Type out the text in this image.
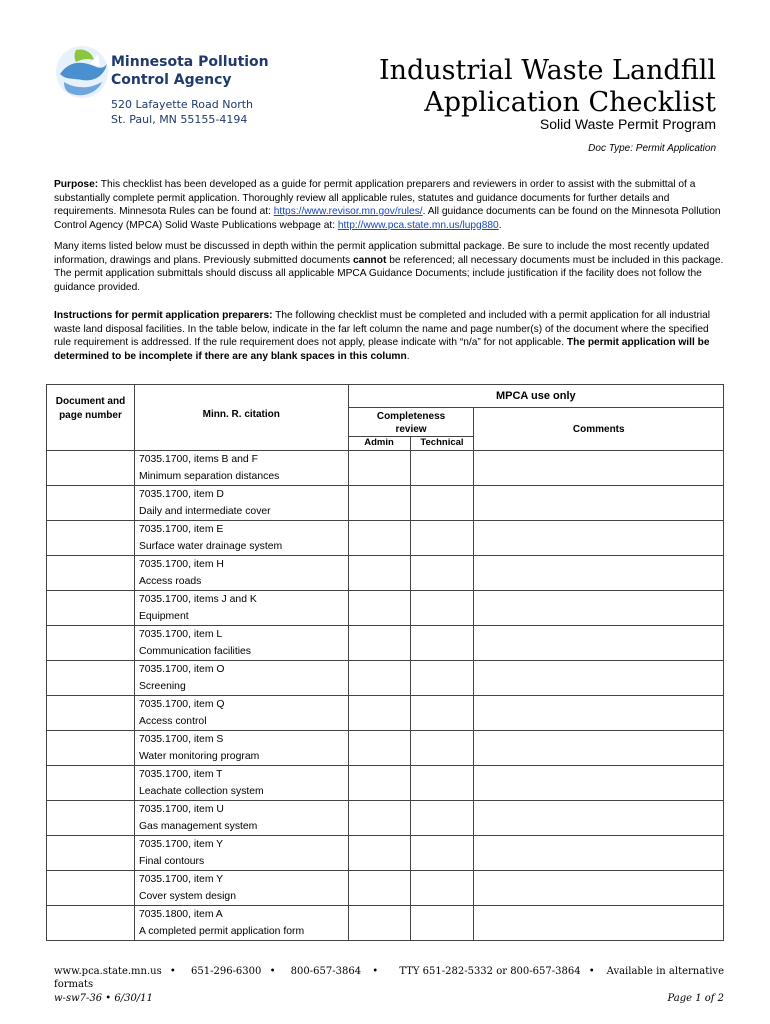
Minnesota Pollution
Control Agency
520 Lafayette Road North
St. Paul, MN 55155-4194
Industrial Waste Landfill
Application Checklist
Solid Waste Permit Program
Doc Type: Permit Application
Purpose: This checklist has been developed as a guide for permit application preparers and reviewers in order to assist with the submittal of a substantially complete permit application. Thoroughly review all applicable rules, statutes and guidance documents for further details and requirements. Minnesota Rules can be found at: https://www.revisor.mn.gov/rules/. All guidance documents can be found on the Minnesota Pollution Control Agency (MPCA) Solid Waste Publications webpage at: http://www.pca.state.mn.us/lupg880.
Many items listed below must be discussed in depth within the permit application submittal package. Be sure to include the most recently updated information, drawings and plans. Previously submitted documents cannot be referenced; all necessary documents must be included in this package. The permit application submittals should discuss all applicable MPCA Guidance Documents; include justification if the facility does not follow the guidance provided.
Instructions for permit application preparers: The following checklist must be completed and included with a permit application for all industrial waste land disposal facilities. In the table below, indicate in the far left column the name and page number(s) of the document where the specified rule requirement is addressed. If the rule requirement does not apply, please indicate with “n/a” for not applicable. The permit application will be determined to be incomplete if there are any blank spaces in this column.
Document and page number	Minn. R. citation	MPCA use only		

		Completeness review		Comments
		Admin	Technical	

	7035.1700, items B and F
Minimum separation distances			

	7035.1700, item D
Daily and intermediate cover			

	7035.1700, item E
Surface water drainage system			

	7035.1700, item H
Access roads			

	7035.1700, items J and K
Equipment			

	7035.1700, item L
Communication facilities			

	7035.1700, item O
Screening			

	7035.1700, item Q
Access control			

	7035.1700, item S
Water monitoring program			

	7035.1700, item T
Leachate collection system			

	7035.1700, item U
Gas management system			

	7035.1700, item Y
Final contours			

	7035.1700, item Y
Cover system design			

	7035.1800, item A
A completed permit application form			

www.pca.state.mn.us • 651-296-6300 • 800-657-3864 • TTY 651-282-5332 or 800-657-3864 • Available in alternative
formats
w-sw7-36 • 6/30/11	Page 1 of 2
